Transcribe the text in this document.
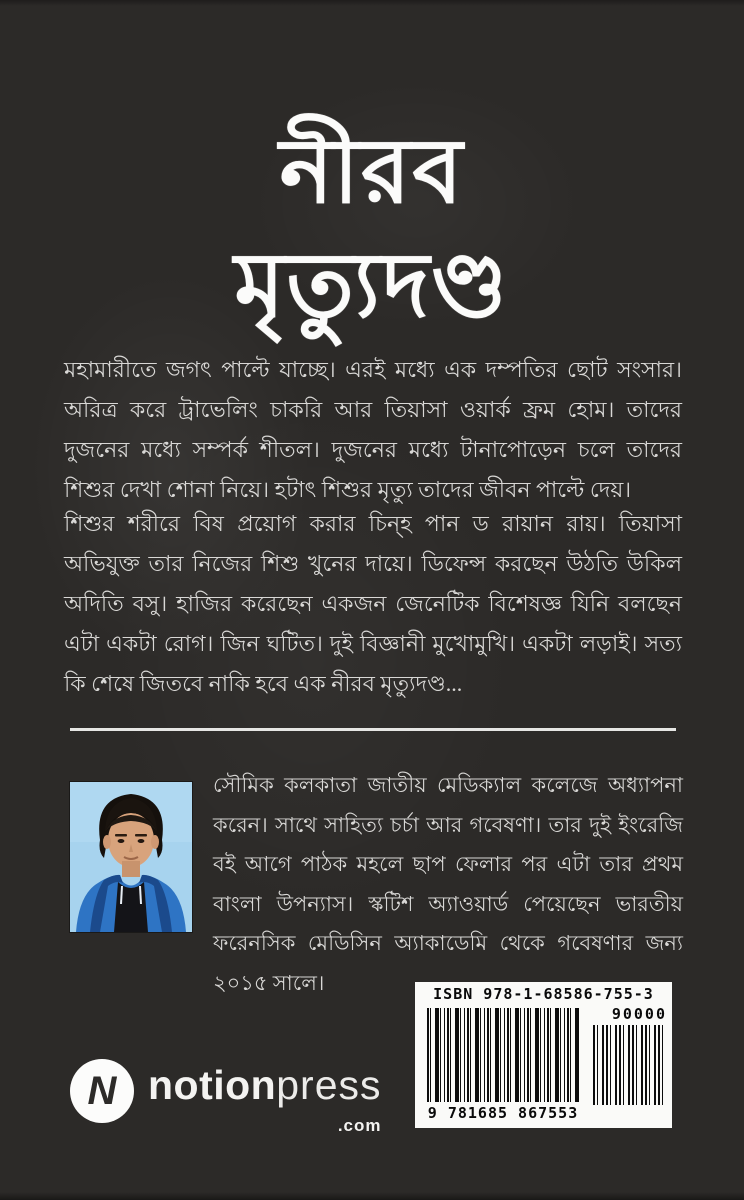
নীরব
মৃত্যুদণ্ড

মহামারীতে জগৎ পাল্টে যাচ্ছে। এরই মধ্যে এক দম্পতির ছোট সংসার। অরিত্র করে ট্রাভেলিং চাকরি আর তিয়াসা ওয়ার্ক ফ্রম হোম। তাদের দুজনের মধ্যে সম্পর্ক শীতল। দুজনের মধ্যে টানাপোড়েন চলে তাদের শিশুর দেখা শোনা নিয়ে। হটাৎ শিশুর মৃত্যু তাদের জীবন পাল্টে দেয়।

শিশুর শরীরে বিষ প্রয়োগ করার চিন্হ পান ড রায়ান রায়। তিয়াসা অভিযুক্ত তার নিজের শিশু খুনের দায়ে। ডিফেন্স করছেন উঠতি উকিল অদিতি বসু। হাজির করেছেন একজন জেনেটিক বিশেষজ্ঞ যিনি বলছেন এটা একটা রোগ। জিন ঘটিত। দুই বিজ্ঞানী মুখোমুখি। একটা লড়াই। সত্য কি শেষে জিতবে নাকি হবে এক নীরব মৃত্যুদণ্ড...

সৌমিক কলকাতা জাতীয় মেডিক্যাল কলেজে অধ্যাপনা করেন। সাথে সাহিত্য চর্চা আর গবেষণা। তার দুই ইংরেজি বই আগে পাঠক মহলে ছাপ ফেলার পর এটা তার প্রথম বাংলা উপন্যাস। স্কটিশ অ্যাওয়ার্ড পেয়েছেন ভারতীয় ফরেনসিক মেডিসিন অ্যাকাডেমি থেকে গবেষণার জন্য ২০১৫ সালে।	ISBN 978-1-68586-755-3
9 781685 867553
90000
N notionpress
.com
